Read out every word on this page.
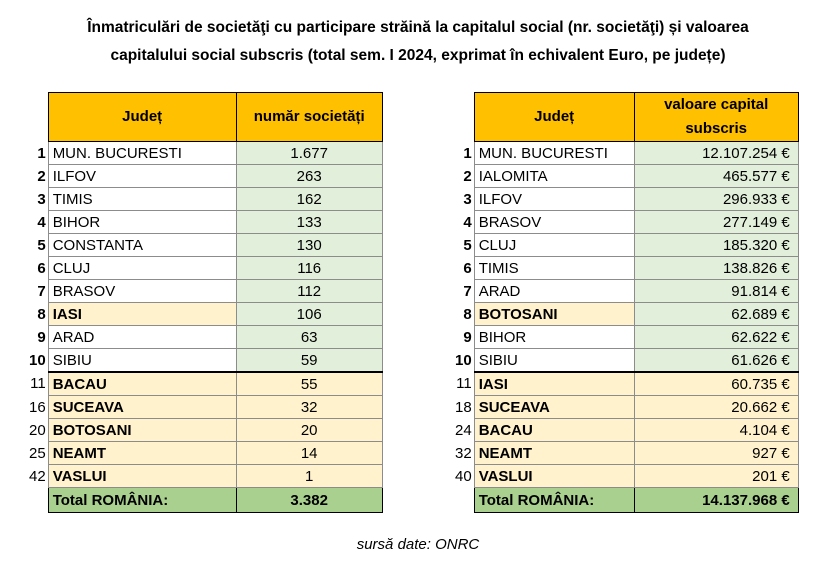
Înmatriculări de societăţi cu participare străină la capitalul social (nr. societăţi) și valoarea
capitalului social subscris (total sem. I 2024, exprimat în echivalent Euro, pe județe)
	Județ	număr societăți
1	MUN. BUCURESTI	1.677
2	ILFOV	263
3	TIMIS	162
4	BIHOR	133
5	CONSTANTA	130
6	CLUJ	116
7	BRASOV	112
8	IASI	106
9	ARAD	63
10	SIBIU	59
11	BACAU	55
16	SUCEAVA	32
20	BOTOSANI	20
25	NEAMT	14
42	VASLUI	1
	Total ROMÂNIA:	3.382
	Județ	valoare capital subscris
1	MUN. BUCURESTI	12.107.254 €
2	IALOMITA	465.577 €
3	ILFOV	296.933 €
4	BRASOV	277.149 €
5	CLUJ	185.320 €
6	TIMIS	138.826 €
7	ARAD	91.814 €
8	BOTOSANI	62.689 €
9	BIHOR	62.622 €
10	SIBIU	61.626 €
11	IASI	60.735 €
18	SUCEAVA	20.662 €
24	BACAU	4.104 €
32	NEAMT	927 €
40	VASLUI	201 €
	Total ROMÂNIA:	14.137.968 €
sursă date: ONRC
